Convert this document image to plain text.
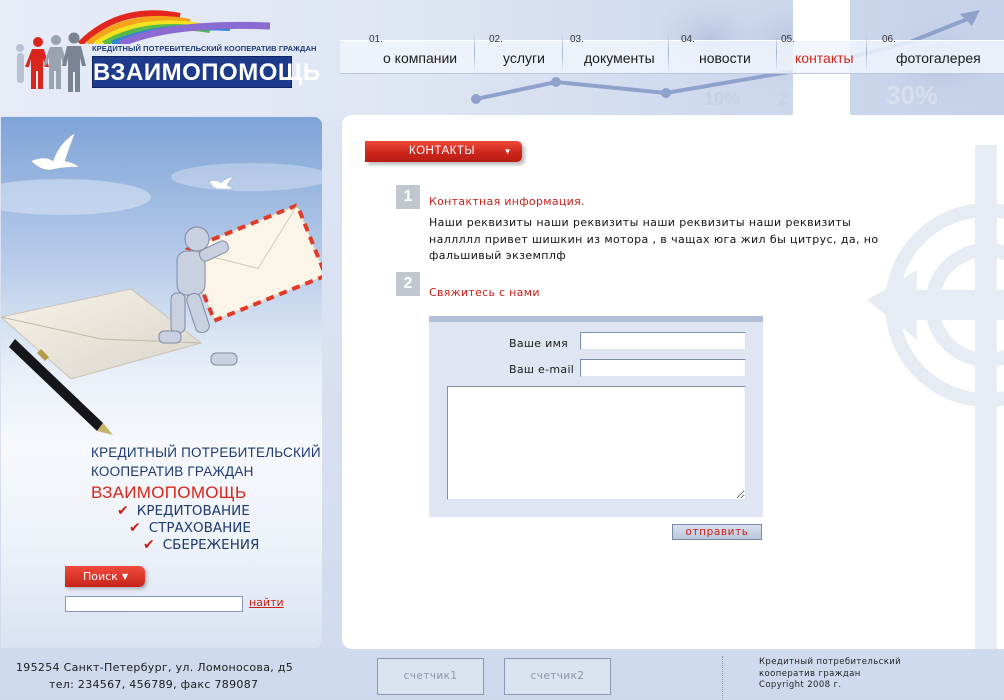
10% 2	30%
КРЕДИТНЫЙ ПОТРЕБИТЕЛЬСКИЙ КООПЕРАТИВ ГРАЖДАН
ВЗАИМОПОМОЩЬ
01.
о компании
02.
услуги
03.
документы
04.
новости
05.
контакты
06.
фотогалерея
КРЕДИТНЫЙ ПОТРЕБИТЕЛЬСКИЙ
КООПЕРАТИВ ГРАЖДАН
ВЗАИМОПОМОЩЬ
✔ КРЕДИТОВАНИЕ
✔ СТРАХОВАНИЕ
✔ СБЕРЕЖЕНИЯ
Поиск ▼
найти
КОНТАКТЫ	▼
1	Контактная информация.
Наши реквизиты наши реквизиты наши реквизиты наши реквизиты наллллл привет шишкин из мотора , в чащах юга жил бы цитрус, да, но фальшивый экземплф
2
Свяжитесь с нами
Ваше имя
Ваш e-mail
отправить
195254 Санкт-Петербург, ул. Ломоносова, д5
тел: 234567, 456789, факс 789087
счетчик1	счетчик2
Кредитный потребительский
кооператив граждан
Copyright 2008 г.
